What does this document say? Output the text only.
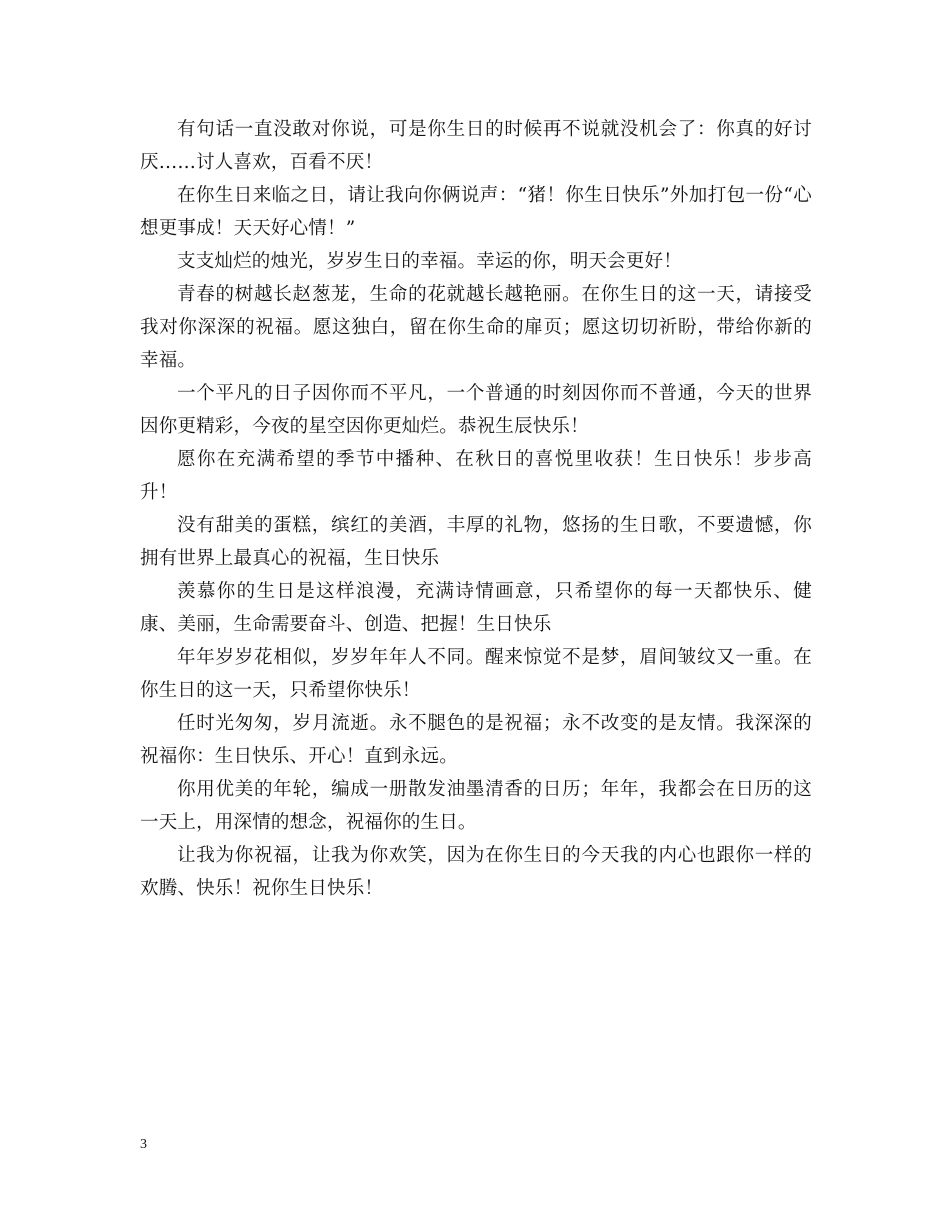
有句话一直没敢对你说，可是你生日的时候再不说就没机会了：你真的好讨厌……讨人喜欢，百看不厌！

在你生日来临之日，请让我向你俩说声：“猪！你生日快乐”外加打包一份“心想更事成！天天好心情！”

支支灿烂的烛光，岁岁生日的幸福。幸运的你，明天会更好！

青春的树越长赵葱茏，生命的花就越长越艳丽。在你生日的这一天，请接受我对你深深的祝福。愿这独白，留在你生命的扉页；愿这切切祈盼，带给你新的幸福。

一个平凡的日子因你而不平凡，一个普通的时刻因你而不普通，今天的世界因你更精彩，今夜的星空因你更灿烂。恭祝生辰快乐！

愿你在充满希望的季节中播种、在秋日的喜悦里收获！生日快乐！步步高升！

没有甜美的蛋糕，缤红的美酒，丰厚的礼物，悠扬的生日歌，不要遗憾，你拥有世界上最真心的祝福，生日快乐

羡慕你的生日是这样浪漫，充满诗情画意，只希望你的每一天都快乐、健康、美丽，生命需要奋斗、创造、把握！生日快乐

年年岁岁花相似，岁岁年年人不同。醒来惊觉不是梦，眉间皱纹又一重。在你生日的这一天，只希望你快乐！

任时光匆匆，岁月流逝。永不腿色的是祝福；永不改变的是友情。我深深的祝福你：生日快乐、开心！直到永远。

你用优美的年轮，编成一册散发油墨清香的日历；年年，我都会在日历的这一天上，用深情的想念，祝福你的生日。

让我为你祝福，让我为你欢笑，因为在你生日的今天我的内心也跟你一样的欢腾、快乐！祝你生日快乐！

3
